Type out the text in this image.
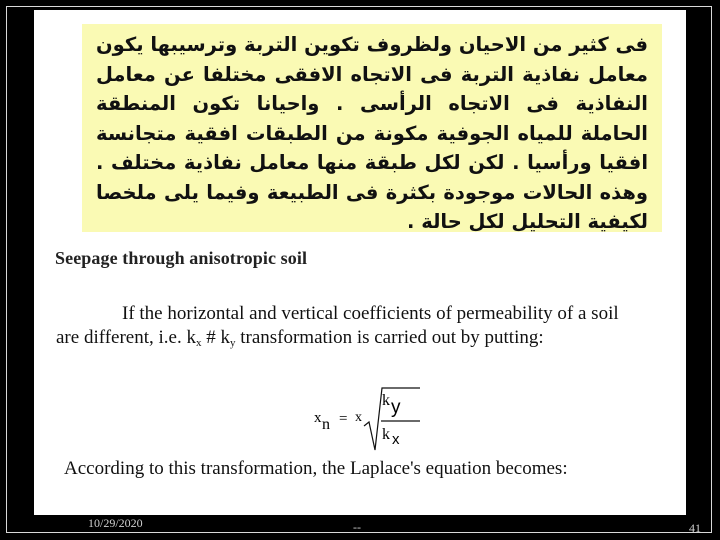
فى كثير من الاحيان ولظروف تكوين التربة وترسيبها يكون معامل نفاذية التربة فى الاتجاه الافقى مختلفا عن معامل النفاذية فى الاتجاه الرأسى . واحيانا تكون المنطقة الحاملة للمياه الجوفية مكونة من الطبقات افقية متجانسة افقيا ورأسيا . لكن لكل طبقة منها معامل نفاذية مختلف . وهذه الحالات موجودة بكثرة فى الطبيعة وفيما يلى ملخصا لكيفية التحليل لكل حالة .
Seepage through anisotropic soil
If the horizontal and vertical coefficients of permeability of a soil
are different, i.e. $k_x$ # $k_y$ transformation is carried out by putting:
x n = x
k y
k x
According to this transformation, the Laplace's equation becomes:
10/29/2020	--	41
